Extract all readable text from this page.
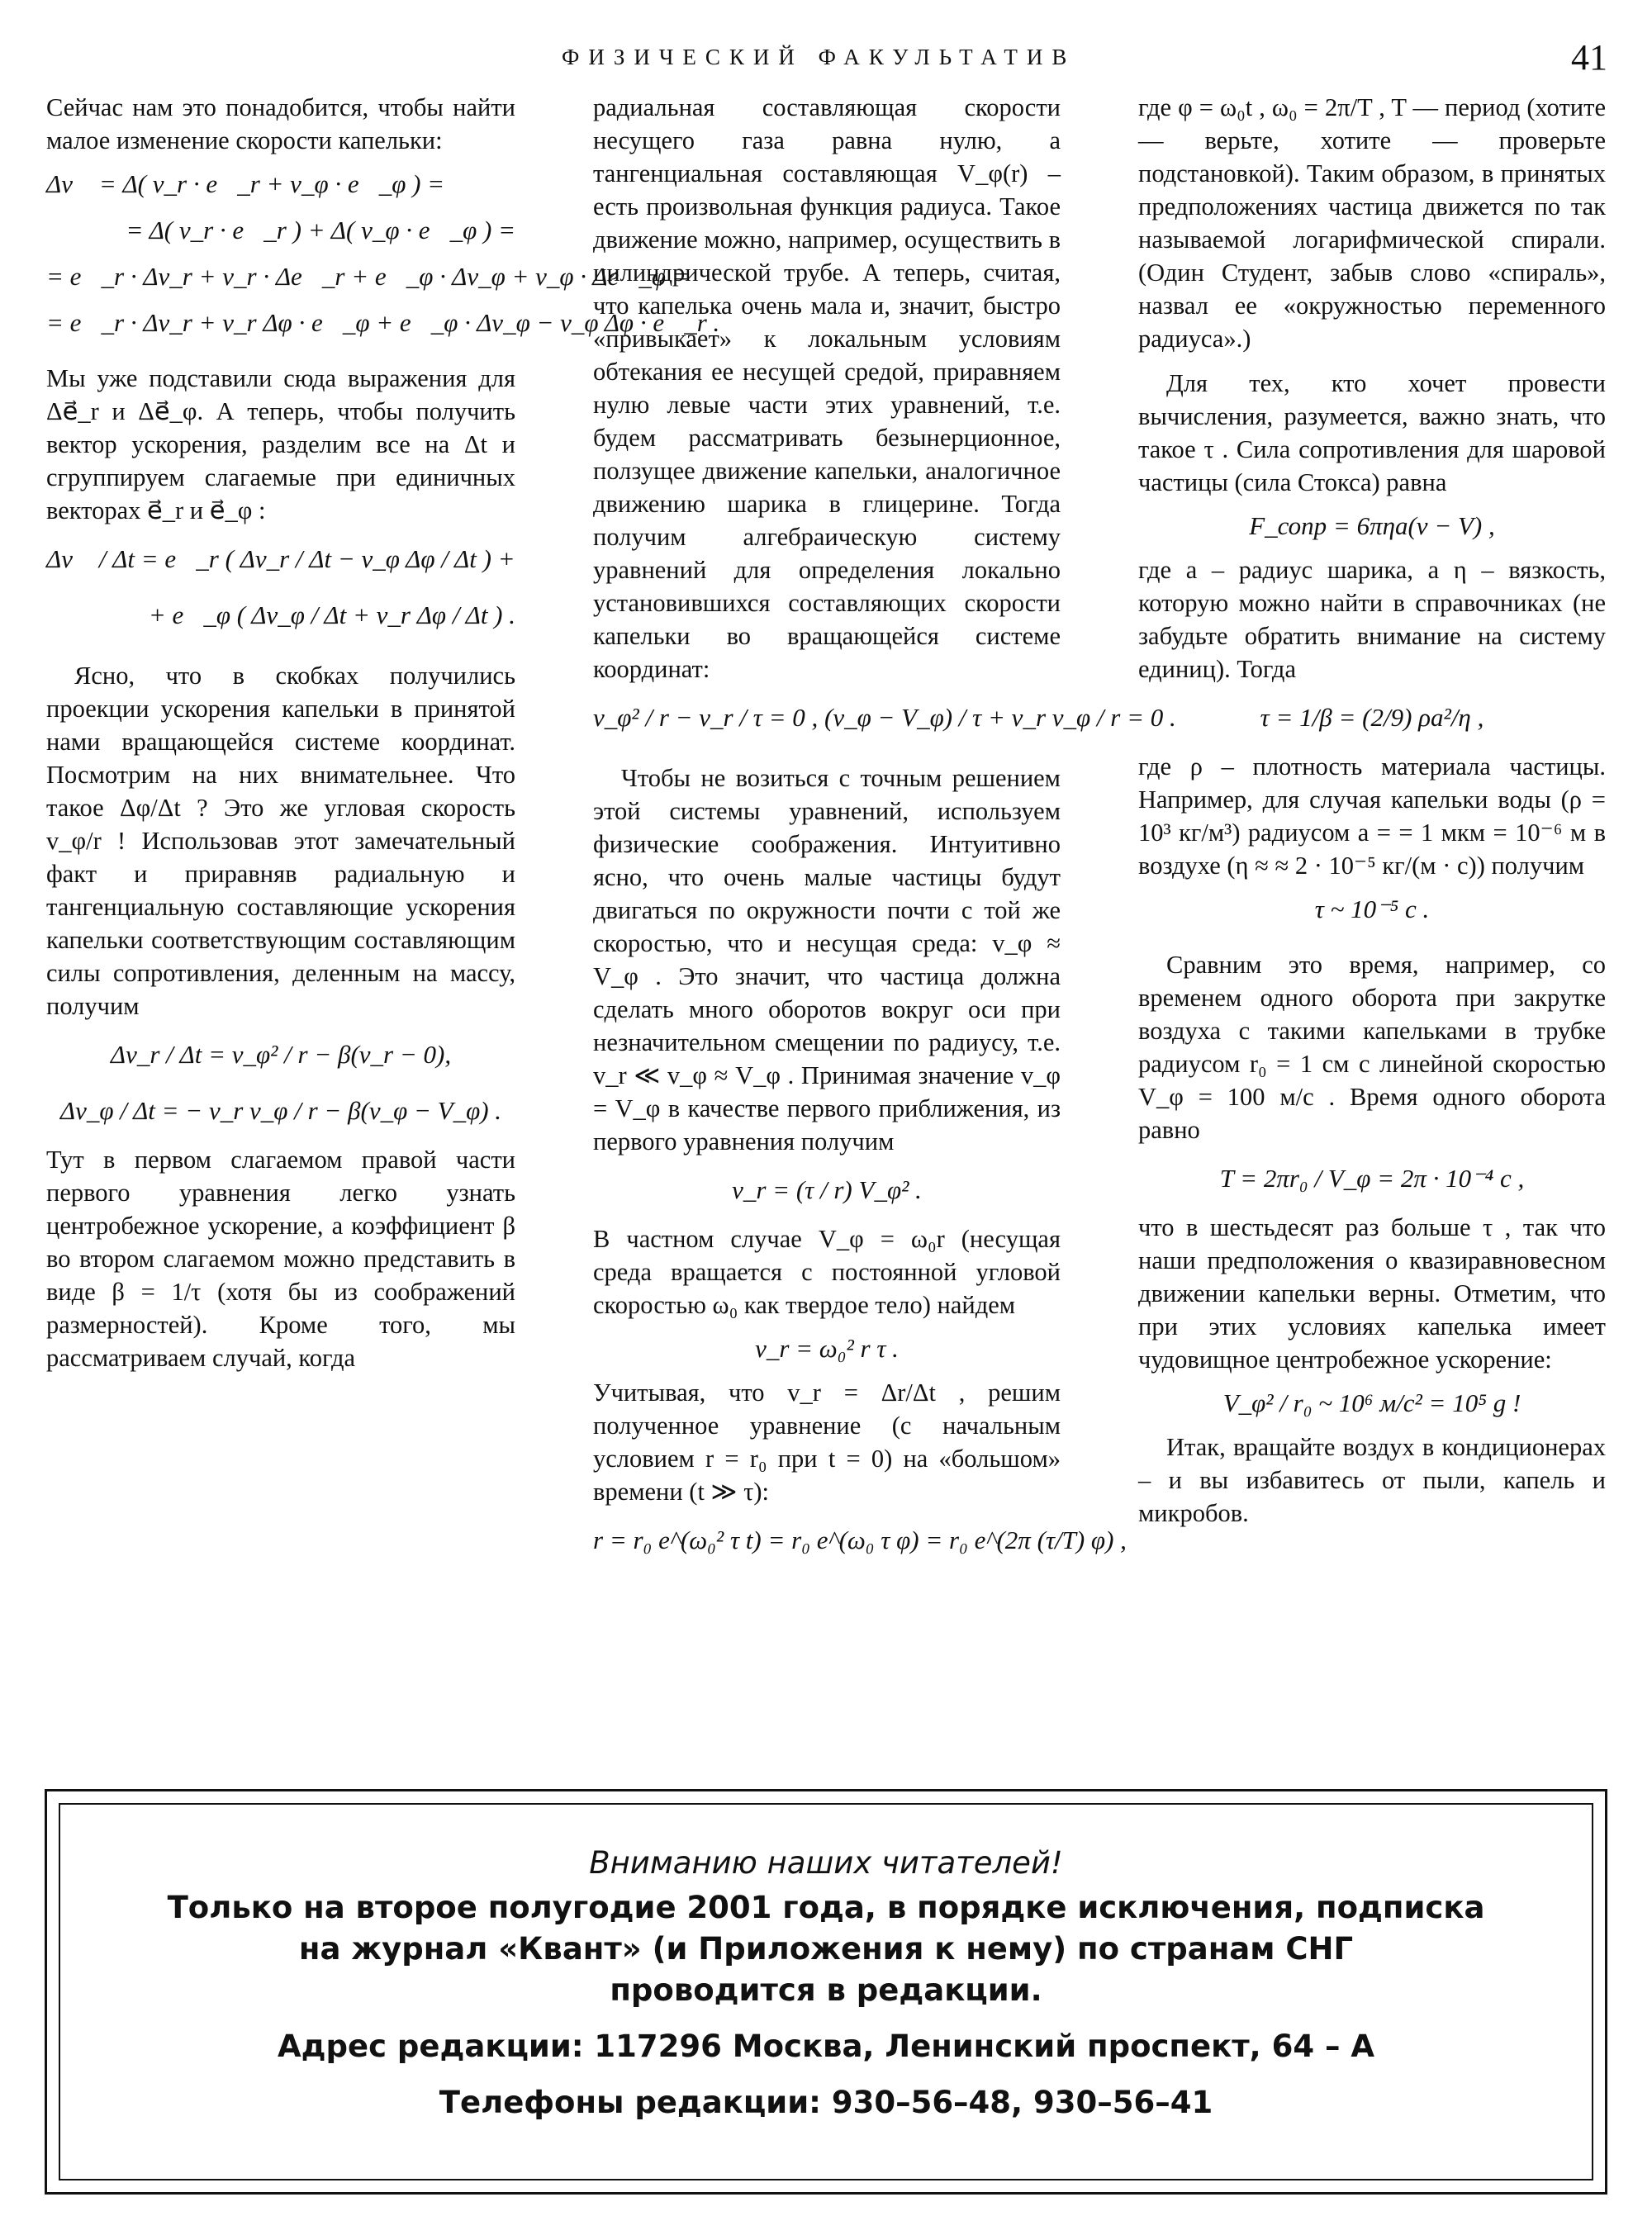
ФИЗИЧЕСКИЙ ФАКУЛЬТАТИВ	41

Сейчас нам это понадобится, чтобы найти малое изменение скорости капельки:

Δv⃗ = Δ( v_r · e⃗_r + v_φ · e⃗_φ ) =
= Δ( v_r · e⃗_r ) + Δ( v_φ · e⃗_φ ) =
= e⃗_r · Δv_r + v_r · Δe⃗_r + e⃗_φ · Δv_φ + v_φ · Δe⃗_φ =
= e⃗_r · Δv_r + v_r Δφ · e⃗_φ + e⃗_φ · Δv_φ − v_φ Δφ · e⃗_r .

Мы уже подставили сюда выражения для Δe⃗_r и Δe⃗_φ. А теперь, чтобы получить вектор ускорения, разделим все на Δt и сгруппируем слагаемые при единичных векторах e⃗_r и e⃗_φ :

Δv⃗ / Δt = e⃗_r ( Δv_r / Δt − v_φ Δφ / Δt ) +
+ e⃗_φ ( Δv_φ / Δt + v_r Δφ / Δt ) .

Ясно, что в скобках получились проекции ускорения капельки в принятой нами вращающейся системе координат. Посмотрим на них внимательнее. Что такое Δφ/Δt ? Это же угловая скорость v_φ/r ! Использовав этот замечательный факт и приравняв радиальную и тангенциальную составляющие ускорения капельки соответствующим составляющим силы сопротивления, деленным на массу, получим

Δv_r / Δt = v_φ² / r − β(v_r − 0),
Δv_φ / Δt = − v_r v_φ / r − β(v_φ − V_φ) .

Тут в первом слагаемом правой части первого уравнения легко узнать центробежное ускорение, а коэффициент β во втором слагаемом можно представить в виде β = 1/τ (хотя бы из соображений размерностей). Кроме того, мы рассматриваем случай, когда

радиальная составляющая скорости несущего газа равна нулю, а тангенциальная составляющая V_φ(r) – есть произвольная функция радиуса. Такое движение можно, например, осуществить в цилиндрической трубе. А теперь, считая, что капелька очень мала и, значит, быстро «привыкает» к локальным условиям обтекания ее несущей средой, приравняем нулю левые части этих уравнений, т.е. будем рассматривать безынерционное, ползущее движение капельки, аналогичное движению шарика в глицерине. Тогда получим алгебраическую систему уравнений для определения локально установившихся составляющих скорости капельки во вращающейся системе координат:

v_φ² / r − v_r / τ = 0 , (v_φ − V_φ) / τ + v_r v_φ / r = 0 .

Чтобы не возиться с точным решением этой системы уравнений, используем физические соображения. Интуитивно ясно, что очень малые частицы будут двигаться по окружности почти с той же скоростью, что и несущая среда: v_φ ≈ V_φ . Это значит, что частица должна сделать много оборотов вокруг оси при незначительном смещении по радиусу, т.е. v_r ≪ v_φ ≈ V_φ . Принимая значение v_φ = V_φ в качестве первого приближения, из первого уравнения получим

v_r = (τ / r) V_φ² .

В частном случае V_φ = ω₀r (несущая среда вращается с постоянной угловой скоростью ω₀ как твердое тело) найдем

v_r = ω₀² r τ .

Учитывая, что v_r = Δr/Δt , решим полученное уравнение (с начальным условием r = r₀ при t = 0) на «большом» времени (t ≫ τ):

r = r₀ e^(ω₀² τ t) = r₀ e^(ω₀ τ φ) = r₀ e^(2π (τ/T) φ) ,

где φ = ω₀t , ω₀ = 2π/T , T — период (хотите — верьте, хотите — проверьте подстановкой). Таким образом, в принятых предположениях частица движется по так называемой логарифмической спирали. (Один Студент, забыв слово «спираль», назвал ее «окружностью переменного радиуса».)

Для тех, кто хочет провести вычисления, разумеется, важно знать, что такое τ . Сила сопротивления для шаровой частицы (сила Стокса) равна

F_сопр = 6πηa(v − V) ,

где a – радиус шарика, а η – вязкость, которую можно найти в справочниках (не забудьте обратить внимание на систему единиц). Тогда

τ = 1/β = (2/9) ρa²/η ,

где ρ – плотность материала частицы. Например, для случая капельки воды (ρ = 10³ кг/м³) радиусом a = = 1 мкм = 10⁻⁶ м в воздухе (η ≈ ≈ 2 · 10⁻⁵ кг/(м · с)) получим

τ ~ 10⁻⁵ с .

Сравним это время, например, со временем одного оборота при закрутке воздуха с такими капельками в трубке радиусом r₀ = 1 см с линейной скоростью V_φ = 100 м/с . Время одного оборота равно

T = 2πr₀ / V_φ = 2π · 10⁻⁴ с ,

что в шестьдесят раз больше τ , так что наши предположения о квазиравновесном движении капельки верны. Отметим, что при этих условиях капелька имеет чудовищное центробежное ускорение:

V_φ² / r₀ ~ 10⁶ м/с² = 10⁵ g !

Итак, вращайте воздух в кондиционерах – и вы избавитесь от пыли, капель и микробов.

Вниманию наших читателей!
Только на второе полугодие 2001 года, в порядке исключения, подписка
на журнал «Квант» (и Приложения к нему) по странам СНГ
проводится в редакции.
Адрес редакции: 117296 Москва, Ленинский проспект, 64 – А
Телефоны редакции: 930–56–48, 930–56–41
